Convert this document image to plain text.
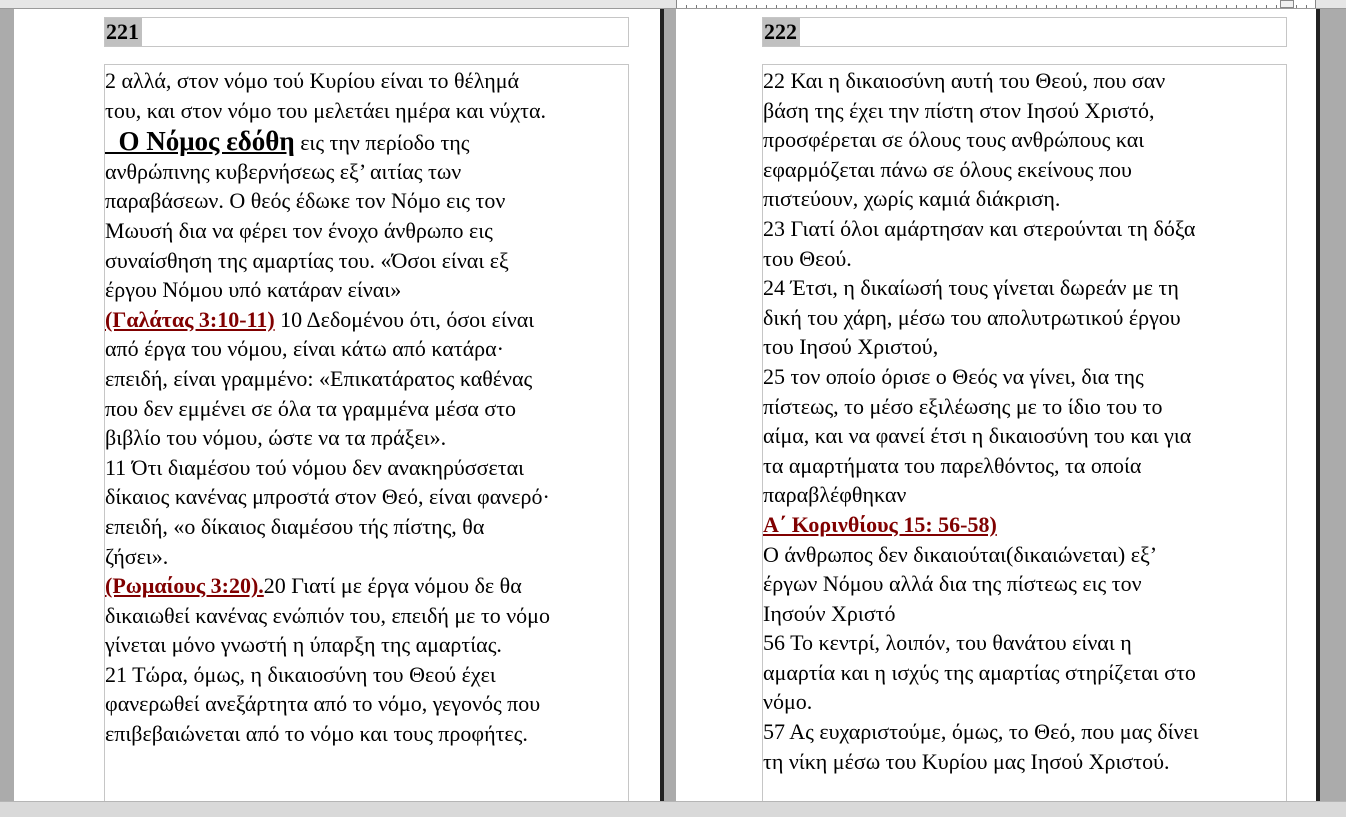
221
2 αλλά, στον νόμο τού Κυρίου είναι το θέλημά
του, και στον νόμο του μελετάει ημέρα και νύχτα.
Ο Νόμος εδόθη εις την περίοδο της
ανθρώπινης κυβερνήσεως εξ’ αιτίας των
παραβάσεων. Ο θεός έδωκε τον Νόμο εις τον
Μωυσή δια να φέρει τον ένοχο άνθρωπο εις
συναίσθηση της αμαρτίας του. «Όσοι είναι εξ
έργου Νόμου υπό κατάραν είναι»
(Γαλάτας 3:10-11) 10 Δεδομένου ότι, όσοι είναι
από έργα του νόμου, είναι κάτω από κατάρα·
επειδή, είναι γραμμένο: «Επικατάρατος καθένας
που δεν εμμένει σε όλα τα γραμμένα μέσα στο
βιβλίο του νόμου, ώστε να τα πράξει».
11 Ότι διαμέσου τού νόμου δεν ανακηρύσσεται
δίκαιος κανένας μπροστά στον Θεό, είναι φανερό·
επειδή, «ο δίκαιος διαμέσου τής πίστης, θα
ζήσει».
(Ρωμαίους 3:20).20 Γιατί με έργα νόμου δε θα
δικαιωθεί κανένας ενώπιόν του, επειδή με το νόμο
γίνεται μόνο γνωστή η ύπαρξη της αμαρτίας.
21 Τώρα, όμως, η δικαιοσύνη του Θεού έχει
φανερωθεί ανεξάρτητα από το νόμο, γεγονός που
επιβεβαιώνεται από το νόμο και τους προφήτες.
222
22 Και η δικαιοσύνη αυτή του Θεού, που σαν
βάση της έχει την πίστη στον Ιησού Χριστό,
προσφέρεται σε όλους τους ανθρώπους και
εφαρμόζεται πάνω σε όλους εκείνους που
πιστεύουν, χωρίς καμιά διάκριση.
23 Γιατί όλοι αμάρτησαν και στερούνται τη δόξα
του Θεού.
24 Έτσι, η δικαίωσή τους γίνεται δωρεάν με τη
δική του χάρη, μέσω του απολυτρωτικού έργου
του Ιησού Χριστού,
25 τον οποίο όρισε ο Θεός να γίνει, δια της
πίστεως, το μέσο εξιλέωσης με το ίδιο του το
αίμα, και να φανεί έτσι η δικαιοσύνη του και για
τα αμαρτήματα του παρελθόντος, τα οποία
παραβλέφθηκαν
Α΄ Κορινθίους 15: 56-58)
Ο άνθρωπος δεν δικαιούται(δικαιώνεται) εξ’
έργων Νόμου αλλά δια της πίστεως εις τον
Ιησούν Χριστό
56 Το κεντρί, λοιπόν, του θανάτου είναι η
αμαρτία και η ισχύς της αμαρτίας στηρίζεται στο
νόμο.
57 Ας ευχαριστούμε, όμως, το Θεό, που μας δίνει
τη νίκη μέσω του Κυρίου μας Ιησού Χριστού.
